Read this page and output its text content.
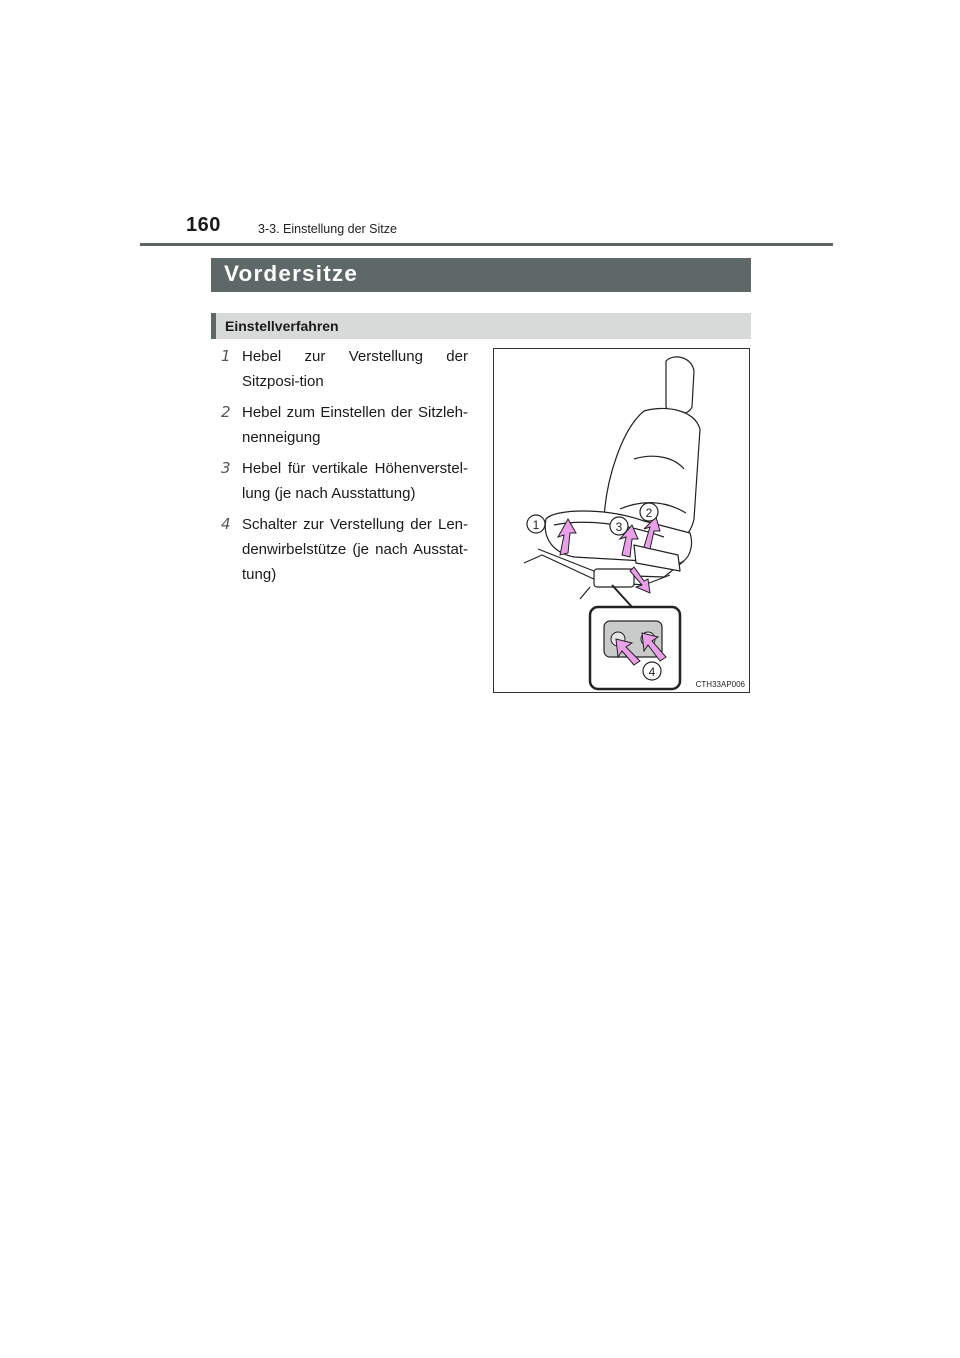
160	3-3. Einstellung der Sitze
Vordersitze
Einstellverfahren
1 Hebel zur Verstellung der Sitzposi-tion
2 Hebel zum Einstellen der Sitzleh-nenneigung
3 Hebel für vertikale Höhenverstel-lung (je nach Ausstattung)
4 Schalter zur Verstellung der Len-denwirbelstütze (je nach Ausstat-tung)
1
2
3
4
CTH33AP006
